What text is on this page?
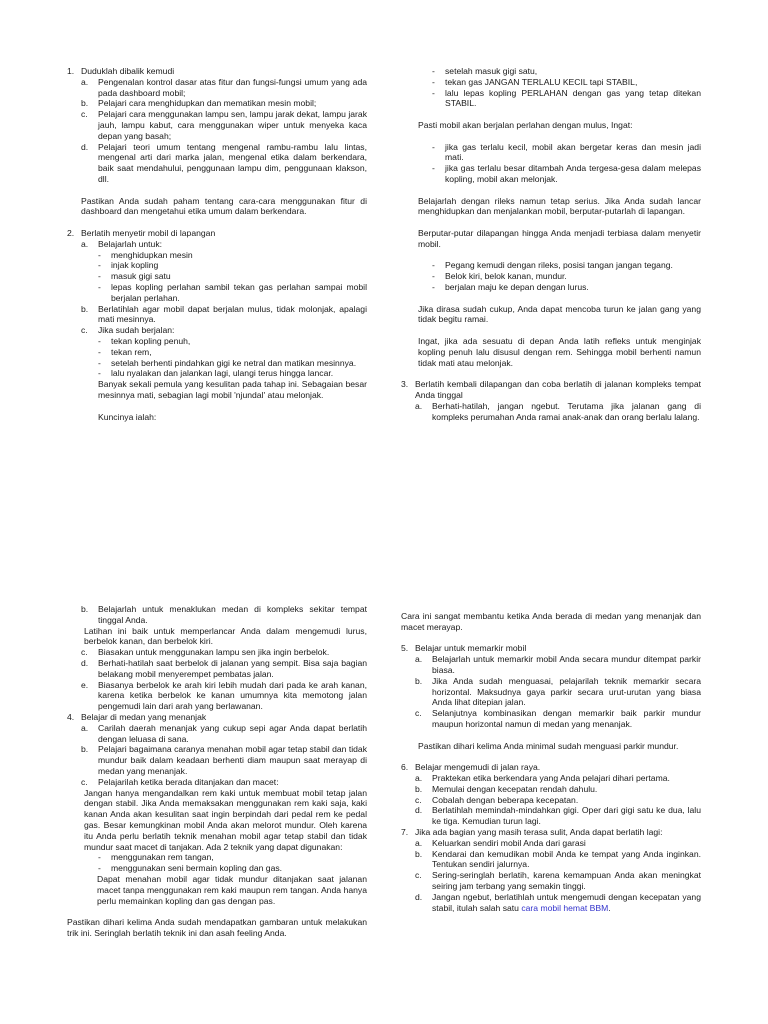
1. Duduklah dibalik kemudi
a.	Pengenalan kontrol dasar atas fitur dan fungsi-fungsi umum yang ada pada dashboard mobil;
b.	Pelajari cara menghidupkan dan mematikan mesin mobil;
c.	Pelajari cara menggunakan lampu sen, lampu jarak dekat, lampu jarak jauh, lampu kabut, cara menggunakan wiper untuk menyeka kaca depan yang basah;
d.	Pelajari teori umum tentang mengenal rambu-rambu lalu lintas, mengenal arti dari marka jalan, mengenal etika dalam berkendara, baik saat mendahului, penggunaan lampu dim, penggunaan klakson, dll.

Pastikan Anda sudah paham tentang cara-cara menggunakan fitur di dashboard dan mengetahui etika umum dalam berkendara.

2. Berlatih menyetir mobil di lapangan
a.	Belajarlah untuk:
-	menghidupkan mesin
-	injak kopling
-	masuk gigi satu
-	lepas kopling perlahan sambil tekan gas perlahan sampai mobil berjalan perlahan.
b.	Berlatihlah agar mobil dapat berjalan mulus, tidak molonjak, apalagi mati mesinnya.
c.	Jika sudah berjalan:
-	tekan kopling penuh,
-	tekan rem,
-	setelah berhenti pindahkan gigi ke netral dan matikan mesinnya.
-	lalu nyalakan dan jalankan lagi, ulangi terus hingga lancar.

Banyak sekali pemula yang kesulitan pada tahap ini. Sebagaian besar mesinnya mati, sebagian lagi mobil 'njundal' atau melonjak.

Kuncinya ialah:

-	setelah masuk gigi satu,
-	tekan gas JANGAN TERLALU KECIL tapi STABIL,
-	lalu lepas kopling PERLAHAN dengan gas yang tetap ditekan STABIL.

Pasti mobil akan berjalan perlahan dengan mulus, Ingat:

-	jika gas terlalu kecil, mobil akan bergetar keras dan mesin jadi mati.
-	jika gas terlalu besar ditambah Anda tergesa-gesa dalam melepas kopling, mobil akan melonjak.

Belajarlah dengan rileks namun tetap serius. Jika Anda sudah lancar menghidupkan dan menjalankan mobil, berputar-putarlah di lapangan.

Berputar-putar dilapangan hingga Anda menjadi terbiasa dalam menyetir mobil.

-	Pegang kemudi dengan rileks, posisi tangan jangan tegang.
-	Belok kiri, belok kanan, mundur.
-	berjalan maju ke depan dengan lurus.

Jika dirasa sudah cukup, Anda dapat mencoba turun ke jalan gang yang tidak begitu ramai.

Ingat, jika ada sesuatu di depan Anda latih refleks untuk menginjak kopling penuh lalu disusul dengan rem. Sehingga mobil berhenti namun tidak mati atau melonjak.

3. Berlatih kembali dilapangan dan coba berlatih di jalanan kompleks tempat Anda tinggal
a.	Berhati-hatilah, jangan ngebut. Terutama jika jalanan gang di kompleks perumahan Anda ramai anak-anak dan orang berlalu lalang.
b.	Belajarlah untuk menaklukan medan di kompleks sekitar tempat tinggal Anda.

Latihan ini baik untuk memperlancar Anda dalam mengemudi lurus, berbelok kanan, dan berbelok kiri.

c.	Biasakan untuk menggunakan lampu sen jika ingin berbelok.
d.	Berhati-hatilah saat berbelok di jalanan yang sempit. Bisa saja bagian belakang mobil menyerempet pembatas jalan.
e.	Biasanya berbelok ke arah kiri lebih mudah dari pada ke arah kanan, karena ketika berbelok ke kanan umumnya kita memotong jalan pengemudi lain dari arah yang berlawanan.
4. Belajar di medan yang menanjak
a.	Carilah daerah menanjak yang cukup sepi agar Anda dapat berlatih dengan leluasa di sana.
b.	Pelajari bagaimana caranya menahan mobil agar tetap stabil dan tidak mundur baik dalam keadaan berhenti diam maupun saat merayap di medan yang menanjak.
c.	Pelajarilah ketika berada ditanjakan dan macet:

Jangan hanya mengandalkan rem kaki untuk membuat mobil tetap jalan dengan stabil. Jika Anda memaksakan menggunakan rem kaki saja, kaki kanan Anda akan kesulitan saat ingin berpindah dari pedal rem ke pedal gas. Besar kemungkinan mobil Anda akan melorot mundur. Oleh karena itu Anda perlu berlatih teknik menahan mobil agar tetap stabil dan tidak mundur saat macet di tanjakan. Ada 2 teknik yang dapat digunakan:

-	menggunakan rem tangan,
-	menggunakan seni bermain kopling dan gas.

Dapat menahan mobil agar tidak mundur ditanjakan saat jalanan macet tanpa menggunakan rem kaki maupun rem tangan. Anda hanya perlu memainkan kopling dan gas dengan pas.

Pastikan dihari kelima Anda sudah mendapatkan gambaran untuk melakukan trik ini. Seringlah berlatih teknik ini dan asah feeling Anda.

Cara ini sangat membantu ketika Anda berada di medan yang menanjak dan macet merayap.

5. Belajar untuk memarkir mobil
a.	Belajarlah untuk memarkir mobil Anda secara mundur ditempat parkir biasa.
b.	Jika Anda sudah menguasai, pelajarilah teknik memarkir secara horizontal. Maksudnya gaya parkir secara urut-urutan yang biasa Anda lihat ditepian jalan.
c.	Selanjutnya kombinasikan dengan memarkir baik parkir mundur maupun horizontal namun di medan yang menanjak.

Pastikan dihari kelima Anda minimal sudah menguasi parkir mundur.

6. Belajar mengemudi di jalan raya.
a.	Praktekan etika berkendara yang Anda pelajari dihari pertama.
b.	Memulai dengan kecepatan rendah dahulu.
c.	Cobalah dengan beberapa kecepatan.
d.	Berlatihlah memindah-mindahkan gigi. Oper dari gigi satu ke dua, lalu ke tiga. Kemudian turun lagi.
7. Jika ada bagian yang masih terasa sulit, Anda dapat berlatih lagi:
a.	Keluarkan sendiri mobil Anda dari garasi
b.	Kendarai dan kemudikan mobil Anda ke tempat yang Anda inginkan. Tentukan sendiri jalurnya.
c.	Sering-seringlah berlatih, karena kemampuan Anda akan meningkat seiring jam terbang yang semakin tinggi.
d.	Jangan ngebut, berlatihlah untuk mengemudi dengan kecepatan yang stabil, itulah salah satu cara mobil hemat BBM.
